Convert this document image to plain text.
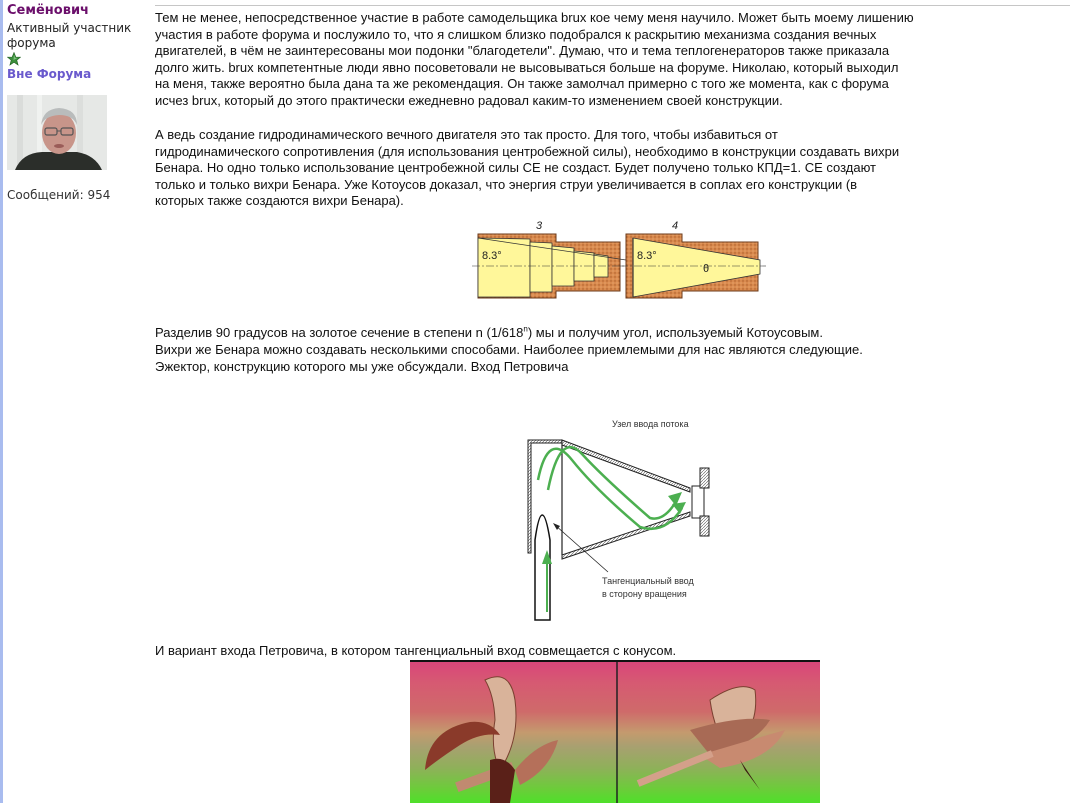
Семёнович
Активный участник форума
Вне Форума
Сообщений: 954
Тем не менее, непосредственное участие в работе самодельщика brux кое чему меня научило. Может быть моему лишению
участия в работе форума и послужило то, что я слишком близко подобрался к раскрытию механизма создания вечных
двигателей, в чём не заинтересованы мои подонки "благодетели". Думаю, что и тема теплогенераторов также приказала
долго жить. brux компетентные люди явно посоветовали не высовываться больше на форуме. Николаю, который выходил
на меня, также вероятно была дана та же рекомендация. Он также замолчал примерно с того же момента, как с форума
исчез brux, который до этого практически ежедневно радовал каким-то изменением своей конструкции.
А ведь создание гидродинамического вечного двигателя это так просто. Для того, чтобы избавиться от
гидродинамического сопротивления (для использования центробежной силы), необходимо в конструкции создавать вихри
Бенара. Но одно только использование центробежной силы СЕ не создаст. Будет получено только КПД=1. СЕ создают
только и только вихри Бенара. Уже Котоусов доказал, что энергия струи увеличивается в соплах его конструкции (в
которых также создаются вихри Бенара).
3
8.3°
4
8.3°
θ
Разделив 90 градусов на золотое сечение в степени n (1/618$^n$) мы и получим угол, используемый Котоусовым.
Вихри же Бенара можно создавать несколькими способами. Наиболее приемлемыми для нас являются следующие.
Эжектор, конструкцию которого мы уже обсуждали. Вход Петровича
Узел ввода потока
Тангенциальный ввод
в сторону вращения
И вариант входа Петровича, в котором тангенциальный вход совмещается с конусом.
